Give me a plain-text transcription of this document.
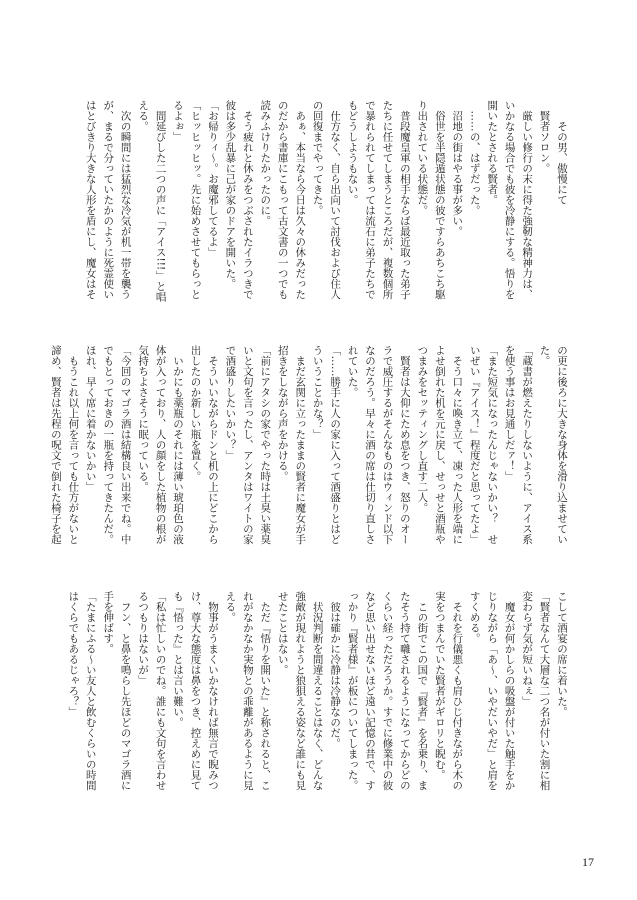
　　その男、傲慢にて
　賢者ソロン。
　厳しい修行の末に得た強靭な精神力は、
いかなる場合でも彼を冷静にする。悟りを
開いたとされる賢者。
　……の、はずだった。
　沼地の街はやる事が多い。
　俗世を半隠遁状態の彼ですらあちこち駆
り出されている状態だ。
　普段魔皇軍の相手ならば最近取った弟子
たちに任せてしまうところだが、複数個所
で暴れられてしまっては流石に弟子たちで
もどうしようもない。
　仕方なく、自ら出向いて討伐および住人
の回復までやってきた。
　あぁ、本当なら今日は久々の休みだった
のだから書庫にこもって古文書の一つでも
読みふけりたかったのに。
　そう疲れと休みをつぶされたイラつきで
彼は多少乱暴に己が家のドアを開いた。
「お帰りィ～。お魔邪してるよ」
「ヒッヒッヒッ。先に始めさせてもらっと
るよぉ」
　間延びした二つの声に「アイス!!!」と唱
える。
　次の瞬間には猛烈な冷気が机一帯を襲う
が、まるで分っていたかのように死霊使い
はとびきり大きな人形を盾にし、魔女はそ
の更に後ろに大きな身体を滑り込ませてい
た。
「蔵書が燃えたりしないように、アイス系
を使う事はお見通しだァ！」
「また短気になったんじゃないかい？　せ
いぜい『アイス！』程度だと思ってたよ」
　そう口々に喚き立て、凍った人形を端に
よせ倒れた机を元に戻し、せっせと酒瓶や
つまみをセッティングし直す二人。
　賢者は大仰にため息をつき、怒りのオー
ラで威圧するがそんなものはウィンド以下
なのだろう。早々に酒の席は仕切り直しさ
れていた。
「……勝手に人の家に入って酒盛りとはど
ういうことかな？」
　まだ玄関に立ったままの賢者に魔女が手
招きをしながら声をかける。
「前にアタシの家でやった時は土臭い薬臭
いと文句を言ったし、アンタはワイトの家
で酒盛りしたいかい？」
　そういいながらドンと机の上にどこから
出したのか新しい瓶を置く。
　いかにも薬瓶のそれには薄い琥珀色の液
体が入っており、人の顔をした植物の根が
気持ちよさそうに眠っている。
「今回のマゴラ酒は結構良い出来でね。中
でもとっておきの一瓶を持ってきたんだ。
ほれ、早く席に着かないかい」
　もうこれ以上何を言っても仕方がないと
諦め、賢者は先程の呪文で倒れた椅子を起
こして酒宴の席に着いた。
「賢者なんて大層な二つ名が付いた割に相
変わらず気が短いねぇ」
　魔女が何かしらの吸盤が付いた触手をか
じりながら「あ～、いやだいやだ」と肩を
すくめる。
　それを行儀悪くも肩ひじ付きながら木の
実をつまんでいた賢者がギロリと睨む。
　この街でこの国で『賢者』を名乗り、ま
たそう持て囃されるようになってからどの
くらい経っただろうか。すでに修業中の彼
など思い出せないほど遠い記憶の昔で、す
っかり『賢者様』が板についてしまった。
　彼は確かに冷静は冷静なのだ。
　状況判断を間違えることはなく、どんな
強敵が現れようと狼狽える姿など誰にも見
せたことはない。
　ただ『悟りを開いた』と称されると、こ
れがなかなか実物との乖離があるように見
える。
　物事がうまくいかなければ無言で睨みつ
け、尊大な態度は鼻をつき、控えめに見て
も『悟った』とは言い難い。
「私は忙しいのでね。誰にも文句を言わせ
るつもりはないが」
　フン、と鼻を鳴らし先ほどのマゴラ酒に
手を伸ばす。
「たまにふる～い友人と飲むくらいの時間
はくらでもあるじゃろ？」
17
